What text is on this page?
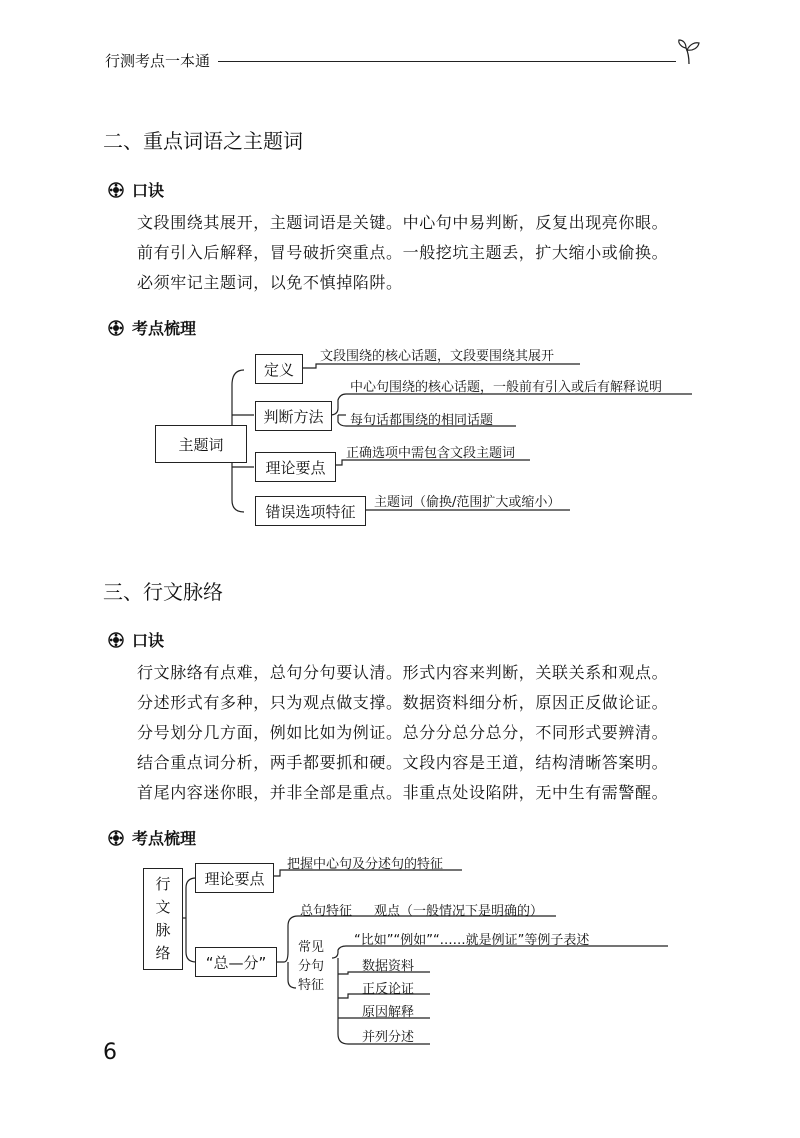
行测考点一本通
二、重点词语之主题词
口诀
文段围绕其展开，主题词语是关键。中心句中易判断，反复出现亮你眼。
前有引入后解释，冒号破折突重点。一般挖坑主题丢，扩大缩小或偷换。
必须牢记主题词，以免不慎掉陷阱。
考点梳理
主题词
定义
判断方法
理论要点
错误选项特征
文段围绕的核心话题，文段要围绕其展开
中心句围绕的核心话题，一般前有引入或后有解释说明
每句话都围绕的相同话题
正确选项中需包含文段主题词
主题词（偷换/范围扩大或缩小）
三、行文脉络
口诀
行文脉络有点难，总句分句要认清。形式内容来判断，关联关系和观点。
分述形式有多种，只为观点做支撑。数据资料细分析，原因正反做论证。
分号划分几方面，例如比如为例证。总分分总分总分，不同形式要辨清。
结合重点词分析，两手都要抓和硬。文段内容是王道，结构清晰答案明。
首尾内容迷你眼，并非全部是重点。非重点处设陷阱，无中生有需警醒。
考点梳理
行
文
脉
络
理论要点
“总—分”
把握中心句及分述句的特征
总句特征 观点（一般情况下是明确的）
常见
分句
特征
“比如”“例如”“……就是例证”等例子表述
数据资料
正反论证
原因解释
并列分述
6
